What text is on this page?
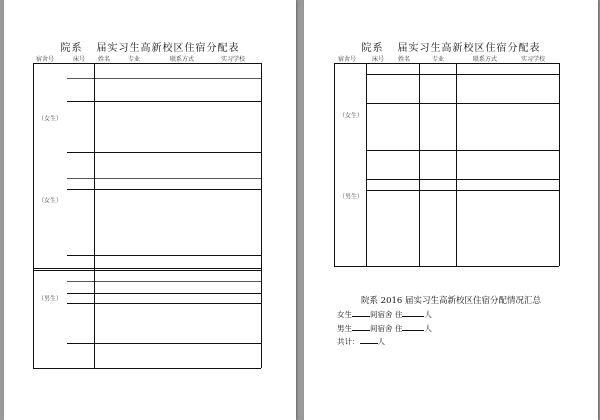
院系 届实习生高新校区住宿分配表
宿舍号	床号 姓名	专业	联系方式	实习学校
（女生）
（女生）
（男生）
院系 届实习生高新校区住宿分配表
宿舍号	床号 姓名	专业	联系方式	实习学校
（女生）
（男生）
院系 2016 届实习生高新校区住宿分配情况汇总
女生 间宿舍 住	人
男生 间宿舍 住	人
共计： 人
